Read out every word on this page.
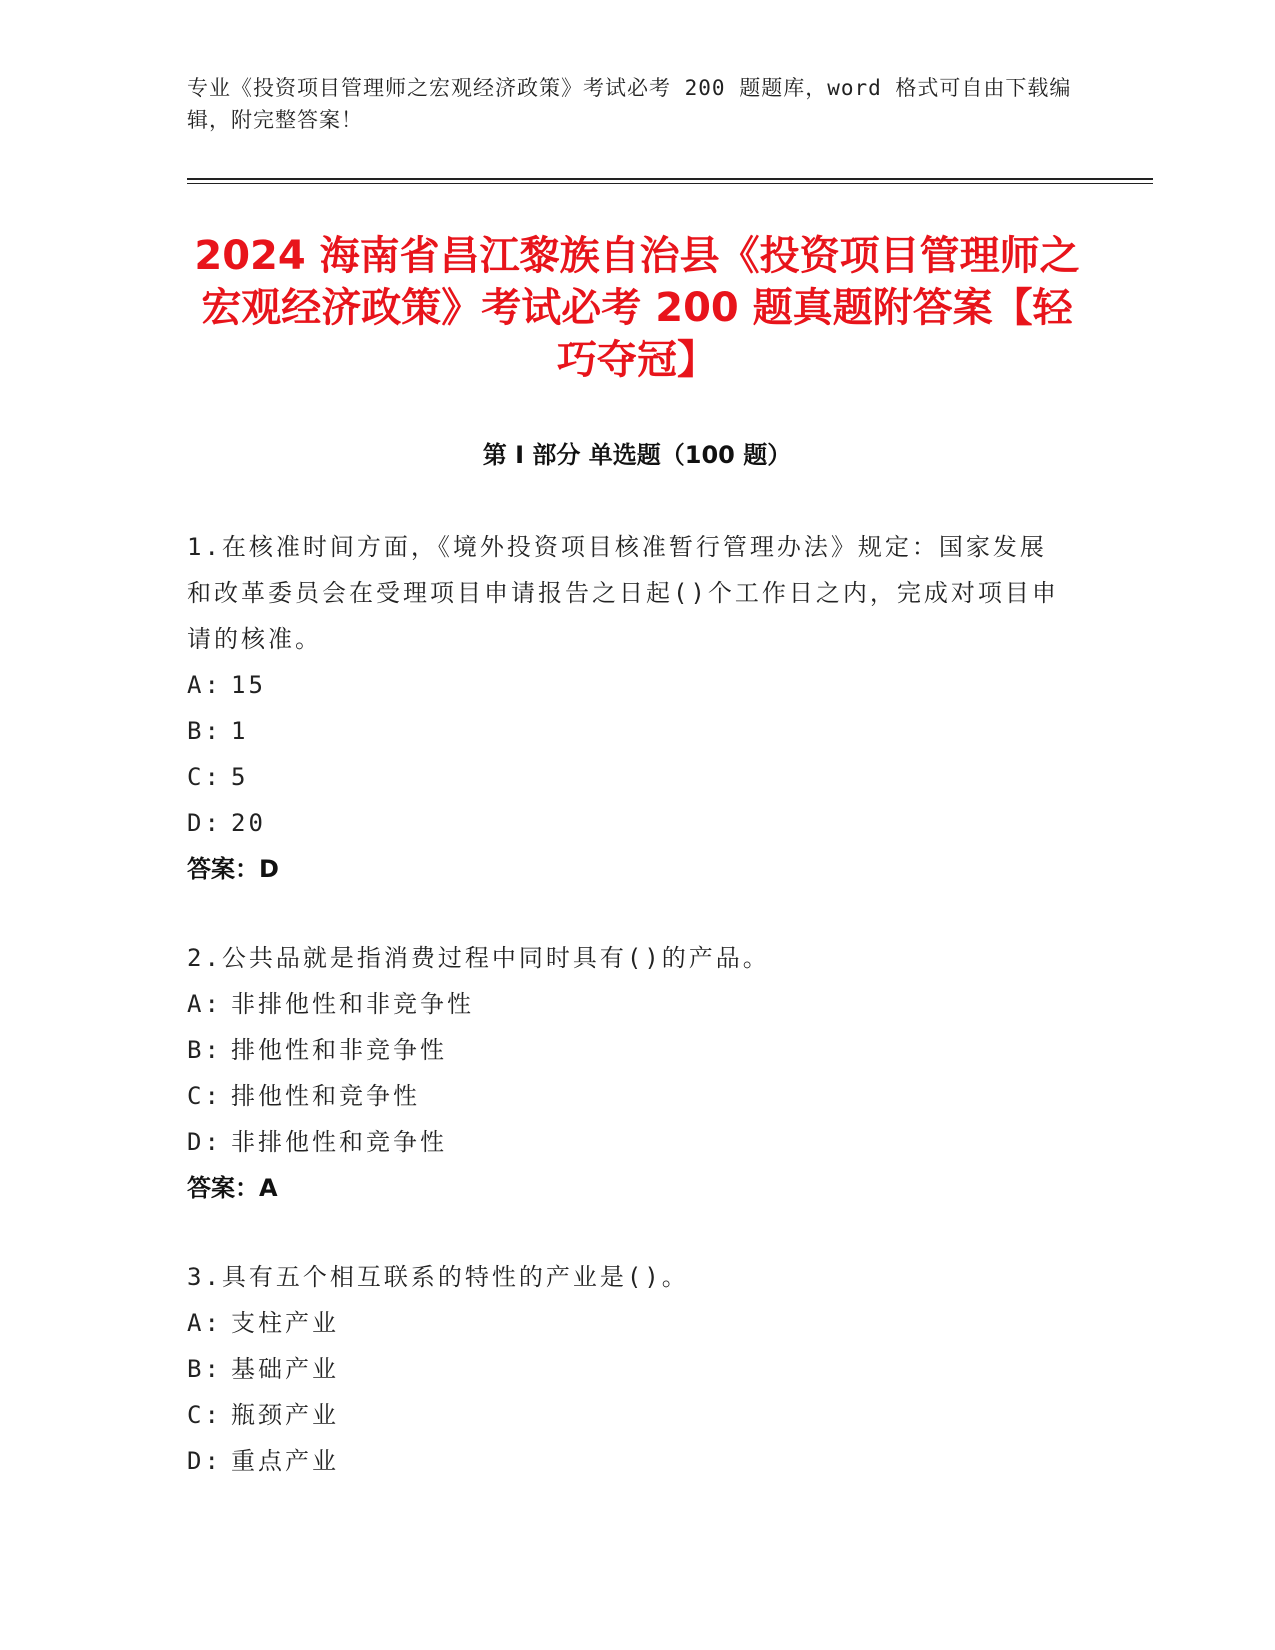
专业《投资项目管理师之宏观经济政策》考试必考 200 题题库，word 格式可自由下载编辑，附完整答案！
2024 海南省昌江黎族自治县《投资项目管理师之宏观经济政策》考试必考 200 题真题附答案【轻巧夺冠】
第 I 部分 单选题（100 题）

1.在核准时间方面，《境外投资项目核准暂行管理办法》规定：国家发展和改革委员会在受理项目申请报告之日起()个工作日之内，完成对项目申请的核准。

A: 15

B: 1

C: 5

D: 20

答案：D

2.公共品就是指消费过程中同时具有()的产品。

A: 非排他性和非竞争性

B: 排他性和非竞争性

C: 排他性和竞争性

D: 非排他性和竞争性

答案：A

3.具有五个相互联系的特性的产业是()。

A: 支柱产业

B: 基础产业

C: 瓶颈产业

D: 重点产业
